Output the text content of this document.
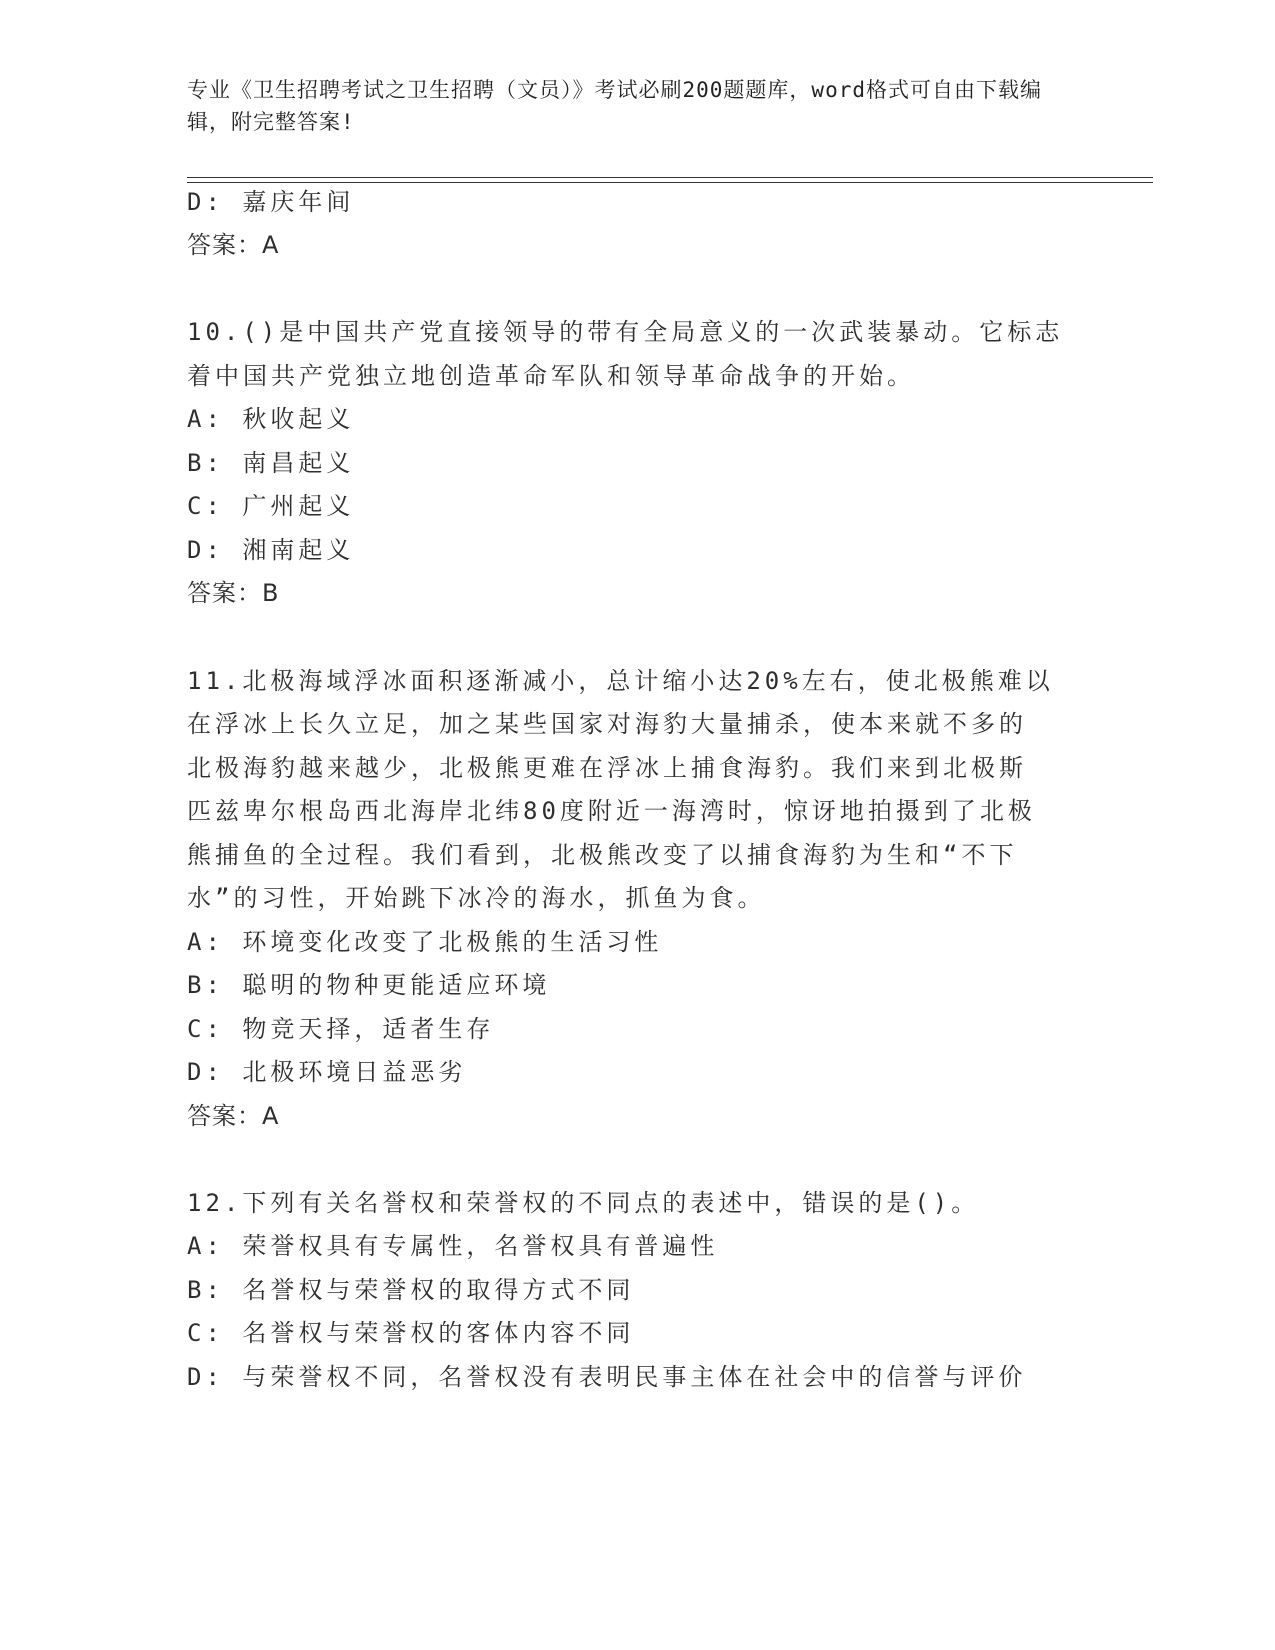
专业《卫生招聘考试之卫生招聘（文员）》考试必刷200题题库，word格式可自由下载编辑，附完整答案!
D: 嘉庆年间
答案：A
10.()是中国共产党直接领导的带有全局意义的一次武装暴动。它标志
着中国共产党独立地创造革命军队和领导革命战争的开始。
A: 秋收起义
B: 南昌起义
C: 广州起义
D: 湘南起义
答案：B
11.北极海域浮冰面积逐渐减小，总计缩小达20%左右，使北极熊难以
在浮冰上长久立足，加之某些国家对海豹大量捕杀，使本来就不多的
北极海豹越来越少，北极熊更难在浮冰上捕食海豹。我们来到北极斯
匹兹卑尔根岛西北海岸北纬80度附近一海湾时，惊讶地拍摄到了北极
熊捕鱼的全过程。我们看到，北极熊改变了以捕食海豹为生和“不下
水”的习性，开始跳下冰冷的海水，抓鱼为食。
A: 环境变化改变了北极熊的生活习性
B: 聪明的物种更能适应环境
C: 物竞天择，适者生存
D: 北极环境日益恶劣
答案：A
12.下列有关名誉权和荣誉权的不同点的表述中，错误的是()。
A: 荣誉权具有专属性，名誉权具有普遍性
B: 名誉权与荣誉权的取得方式不同
C: 名誉权与荣誉权的客体内容不同
D: 与荣誉权不同，名誉权没有表明民事主体在社会中的信誉与评价
